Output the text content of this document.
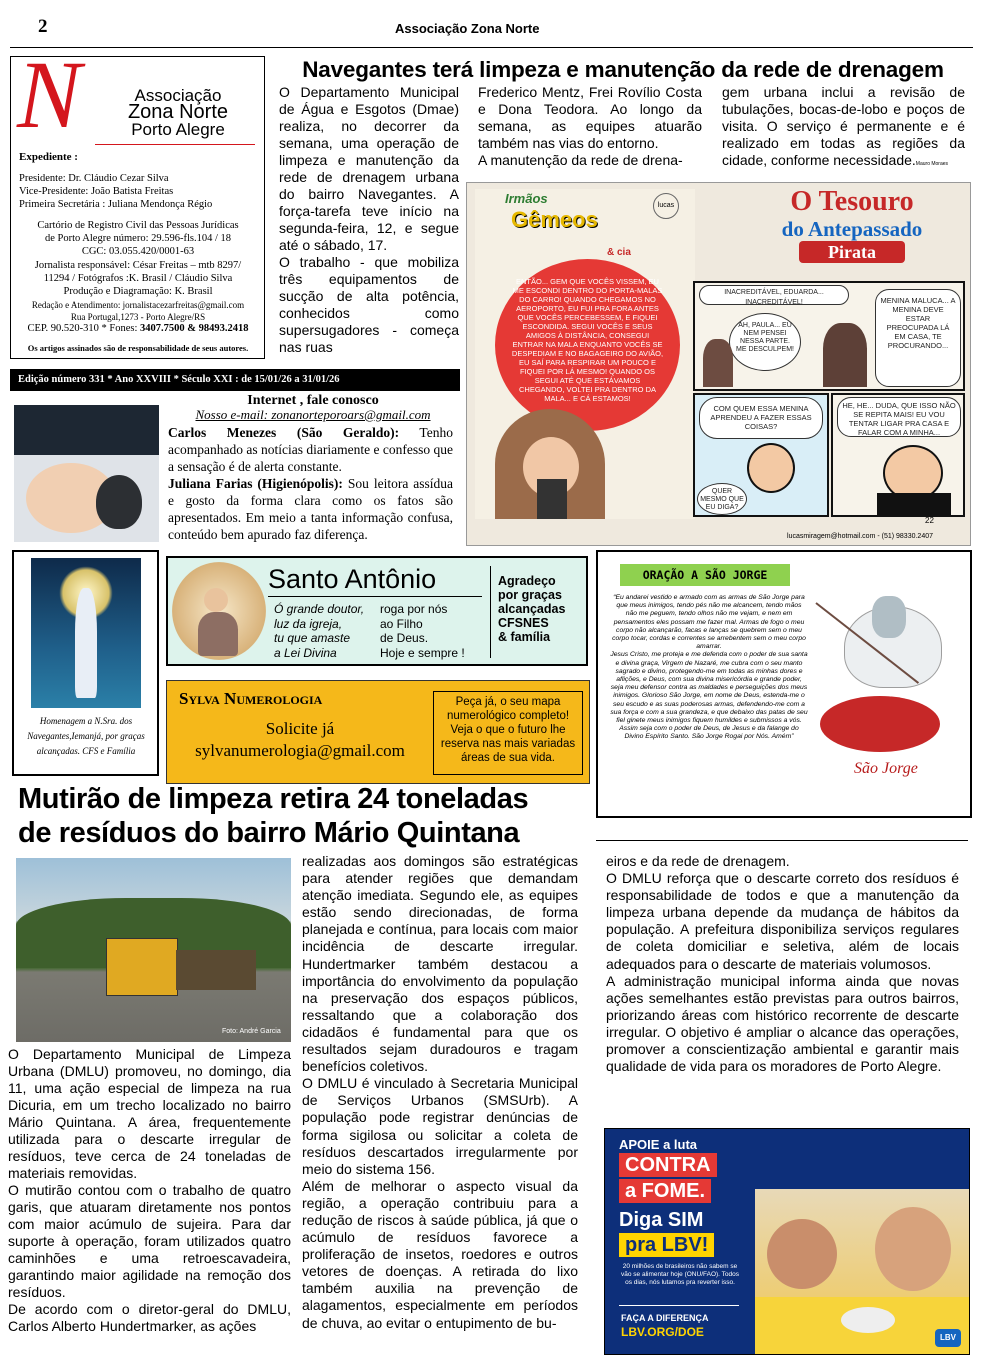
2	Associação Zona Norte
N	Associação
Zona Norte
Porto Alegre
Expediente :
Presidente: Dr. Cláudio Cezar Silva
Vice-Presidente: João Batista Freitas
Primeira Secretária : Juliana Mendonça Régio
Cartório de Registro Civil das Pessoas Jurídicas
de Porto Alegre número: 29.596-fls.104 / 18
CGC: 03.055.420/0001-63
Jornalista responsável: César Freitas – mtb 8297/
11294 / Fotógrafos :K. Brasil / Cláudio Silva
Produção e Diagramação: K. Brasil
Redação e Atendimento: jornalistacezarfreitas@gmail.com
Rua Portugal,1273 - Porto Alegre/RS
CEP. 90.520-310 * Fones: 3407.7500 & 98493.2418
Os artigos assinados são de responsabilidade de seus autores.
Edição número 331 * Ano XXVIII * Século XXI : de 15/01/26 a 31/01/26
Navegantes terá limpeza e manutenção da rede de drenagem

O Departamento Municipal de Água e Esgotos (Dmae) realiza, no decorrer da semana, uma operação de limpeza e manutenção da rede de drenagem urbana do bairro Navegantes. A força-tarefa teve início na segunda-feira, 12, e segue até o sábado, 17.

O trabalho - que mobiliza três equipamentos de sucção de alta potência, conhecidos como supersugadores - começa nas ruas

Frederico Mentz, Frei Rovílio Costa e Dona Teodora. Ao longo da semana, as equipes atuarão também nas vias do entorno.

A manutenção da rede de drena-

gem urbana inclui a revisão de tubulações, bocas-de-lobo e poços de visita. O serviço é permanente e é realizado em todas as regiões da cidade, conforme necessidade.Mauro Moraes
Irmãos
Gêmeos
& cia
lucas
ENTÃO... GEM QUE VOCÊS VISSEM, EU ME ESCONDI DENTRO DO PORTA-MALAS DO CARRO! QUANDO CHEGAMOS NO AEROPORTO, EU FUI PRA FORA ANTES QUE VOCÊS PERCEBESSEM, E FIQUEI ESCONDIDA. SEGUI VOCÊS E SEUS AMIGOS À DISTÂNCIA, CONSEGUI ENTRAR NA MALA ENQUANTO VOCÊS SE DESPEDIAM E NO BAGAGEIRO DO AVIÃO, EU SAÍ PARA RESPIRAR UM POUCO E FIQUEI POR LÁ MESMO! QUANDO OS SEGUI ATÉ QUE ESTÁVAMOS CHEGANDO, VOLTEI PRA DENTRO DA MALA... E CÁ ESTAMOS!
O Tesouro
do Antepassado
Pirata
INACREDITÁVEL, EDUARDA... INACREDITÁVEL!
AH, PAULA... EU NEM PENSEI NESSA PARTE. ME DESCULPEM!
MENINA MALUCA... A MENINA DEVE ESTAR PREOCUPADA LÁ EM CASA, TE PROCURANDO...
COM QUEM ESSA MENINA APRENDEU A FAZER ESSAS COISAS?
QUER MESMO QUE EU DIGA?
HE, HE... DUDA, QUE ISSO NÃO SE REPITA MAIS! EU VOU TENTAR LIGAR PRA CASA E FALAR COM A MINHA...
22
lucasmiragem@hotmail.com - (51) 98330.2407
Internet , fale conosco
Nosso e-mail: zonanorteporoars@gmail.com
Carlos Menezes (São Geraldo): Tenho acompanhado as notícias diariamente e confesso que a sensação é de alerta constante.
Juliana Farias (Higienópolis): Sou leitora assídua e gosto da forma clara como os fatos são apresentados. Em meio a tanta informação confusa, conteúdo bem apurado faz diferença.
Homenagem a N.Sra. dos Navegantes,Iemanjá, por graças alcançadas. CFS e Família
Santo Antônio
Ó grande doutor,
luz da igreja,
tu que amaste
a Lei Divina
roga por nós
ao Filho
de Deus.
Hoje e sempre !
Agradeço
por graças
alcançadas
CFSNES
& família
Sylva Numerologia
Solicite já
sylvanumerologia@gmail.com
Peça já, o seu mapa numerológico completo! Veja o que o futuro lhe reserva nas mais variadas áreas de sua vida.
ORAÇÃO A SÃO JORGE
“Eu andarei vestido e armado com as armas de São Jorge para que meus inimigos, tendo pés não me alcancem, tendo mãos não me peguem, tendo olhos não me vejam, e nem em pensamentos eles possam me fazer mal. Armas de fogo o meu corpo não alcançarão, facas e lanças se quebrem sem o meu corpo tocar, cordas e correntes se arrebentem sem o meu corpo amarrar.
Jesus Cristo, me proteja e me defenda com o poder de sua santa e divina graça, Virgem de Nazaré, me cubra com o seu manto sagrado e divino, protegendo-me em todas as minhas dores e aflições, e Deus, com sua divina misericórdia e grande poder, seja meu defensor contra as maldades e perseguições dos meus inimigos. Glorioso São Jorge, em nome de Deus, estenda-me o seu escudo e as suas poderosas armas, defendendo-me com a sua força e com a sua grandeza, e que debaixo das patas de seu fiel ginete meus inimigos fiquem humildes e submissos a vós. Assim seja com o poder de Deus, de Jesus e da falange do Divino Espírito Santo. São Jorge Rogai por Nós. Amém”
São Jorge
Mutirão de limpeza retira 24 toneladas
de resíduos do bairro Mário Quintana
Foto: André Garcia

O Departamento Municipal de Limpeza Urbana (DMLU) promoveu, no domingo, dia 11, uma ação especial de limpeza na rua Dicuria, em um trecho localizado no bairro Mário Quintana. A área, frequentemente utilizada para o descarte irregular de resíduos, teve cerca de 24 toneladas de materiais removidas.

O mutirão contou com o trabalho de quatro garis, que atuaram diretamente nos pontos com maior acúmulo de sujeira. Para dar suporte à operação, foram utilizados quatro caminhões e uma retroescavadeira, garantindo maior agilidade na remoção dos resíduos.

De acordo com o diretor-geral do DMLU, Carlos Alberto Hundertmarker, as ações

realizadas aos domingos são estratégicas para atender regiões que demandam atenção imediata. Segundo ele, as equipes estão sendo direcionadas, de forma planejada e contínua, para locais com maior incidência de descarte irregular. Hundertmarker também destacou a importância do envolvimento da população na preservação dos espaços públicos, ressaltando que a colaboração dos cidadãos é fundamental para que os resultados sejam duradouros e tragam benefícios coletivos.

O DMLU é vinculado à Secretaria Municipal de Serviços Urbanos (SMSUrb). A população pode registrar denúncias de forma sigilosa ou solicitar a coleta de resíduos descartados irregularmente por meio do sistema 156.

Além de melhorar o aspecto visual da região, a operação contribuiu para a redução de riscos à saúde pública, já que o acúmulo de resíduos favorece a proliferação de insetos, roedores e outros vetores de doenças. A retirada do lixo também auxilia na prevenção de alagamentos, especialmente em períodos de chuva, ao evitar o entupimento de bu-

eiros e da rede de drenagem.

O DMLU reforça que o descarte correto dos resíduos é responsabilidade de todos e que a manutenção da limpeza urbana depende da mudança de hábitos da população. A prefeitura disponibiliza serviços regulares de coleta domiciliar e seletiva, além de locais adequados para o descarte de materiais volumosos.

A administração municipal informa ainda que novas ações semelhantes estão previstas para outros bairros, priorizando áreas com histórico recorrente de descarte irregular. O objetivo é ampliar o alcance das operações, promover a conscientização ambiental e garantir mais qualidade de vida para os moradores de Porto Alegre.

APOIE a luta
CONTRA
a FOME.
Diga SIM
pra LBV!
20 milhões de brasileiros não sabem se vão se alimentar hoje (ONU/FAO). Todos os dias, nós lutamos pra reverter isso.
FAÇA A DIFERENÇA
LBV.ORG/DOE	LBV
